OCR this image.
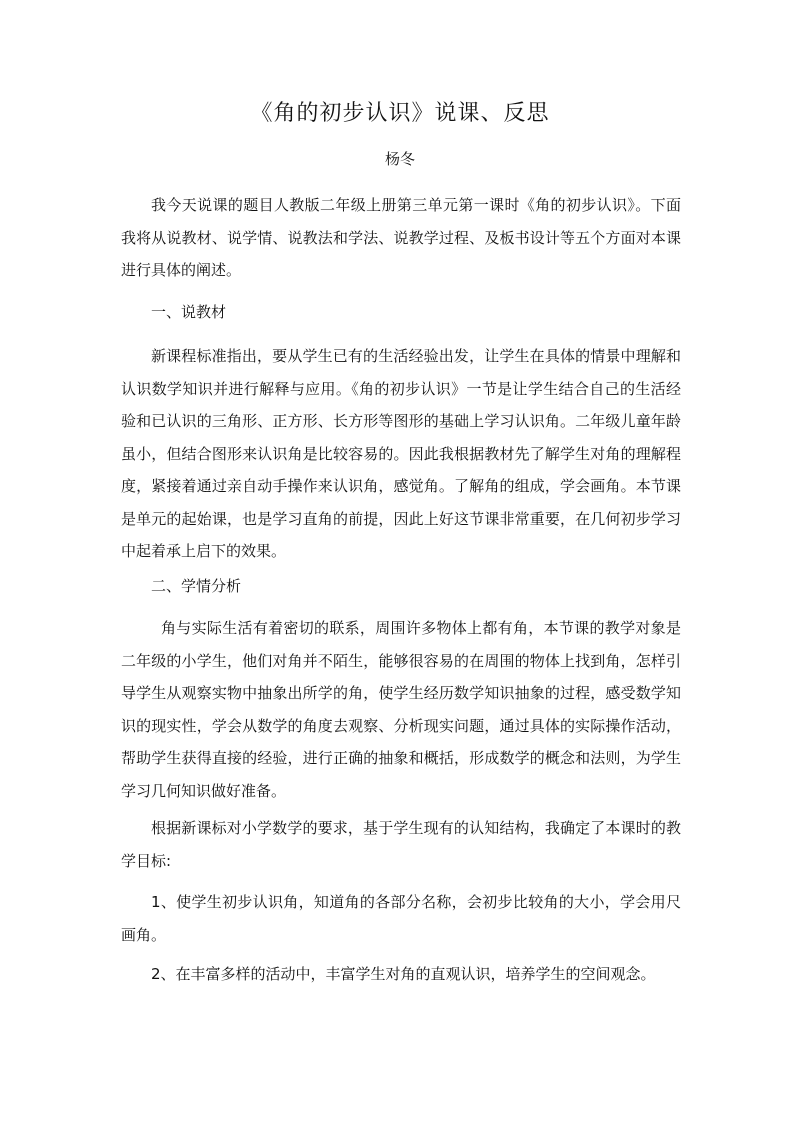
《角的初步认识》说课、反思

杨冬

我今天说课的题目人教版二年级上册第三单元第一课时《角的初步认识》。下面我将从说教材、说学情、说教法和学法、说教学过程、及板书设计等五个方面对本课进行具体的阐述。

一、说教材

新课程标准指出，要从学生已有的生活经验出发，让学生在具体的情景中理解和认识数学知识并进行解释与应用。《角的初步认识》一节是让学生结合自己的生活经验和已认识的三角形、正方形、长方形等图形的基础上学习认识角。二年级儿童年龄虽小，但结合图形来认识角是比较容易的。因此我根据教材先了解学生对角的理解程度，紧接着通过亲自动手操作来认识角，感觉角。了解角的组成，学会画角。本节课是单元的起始课，也是学习直角的前提，因此上好这节课非常重要，在几何初步学习中起着承上启下的效果。

二、学情分析

角与实际生活有着密切的联系，周围许多物体上都有角，本节课的教学对象是二年级的小学生，他们对角并不陌生，能够很容易的在周围的物体上找到角，怎样引导学生从观察实物中抽象出所学的角，使学生经历数学知识抽象的过程，感受数学知识的现实性，学会从数学的角度去观察、分析现实问题，通过具体的实际操作活动，帮助学生获得直接的经验，进行正确的抽象和概括，形成数学的概念和法则，为学生学习几何知识做好准备。

根据新课标对小学数学的要求，基于学生现有的认知结构，我确定了本课时的教学目标:

1、使学生初步认识角，知道角的各部分名称，会初步比较角的大小，学会用尺画角。

2、在丰富多样的活动中，丰富学生对角的直观认识，培养学生的空间观念。
